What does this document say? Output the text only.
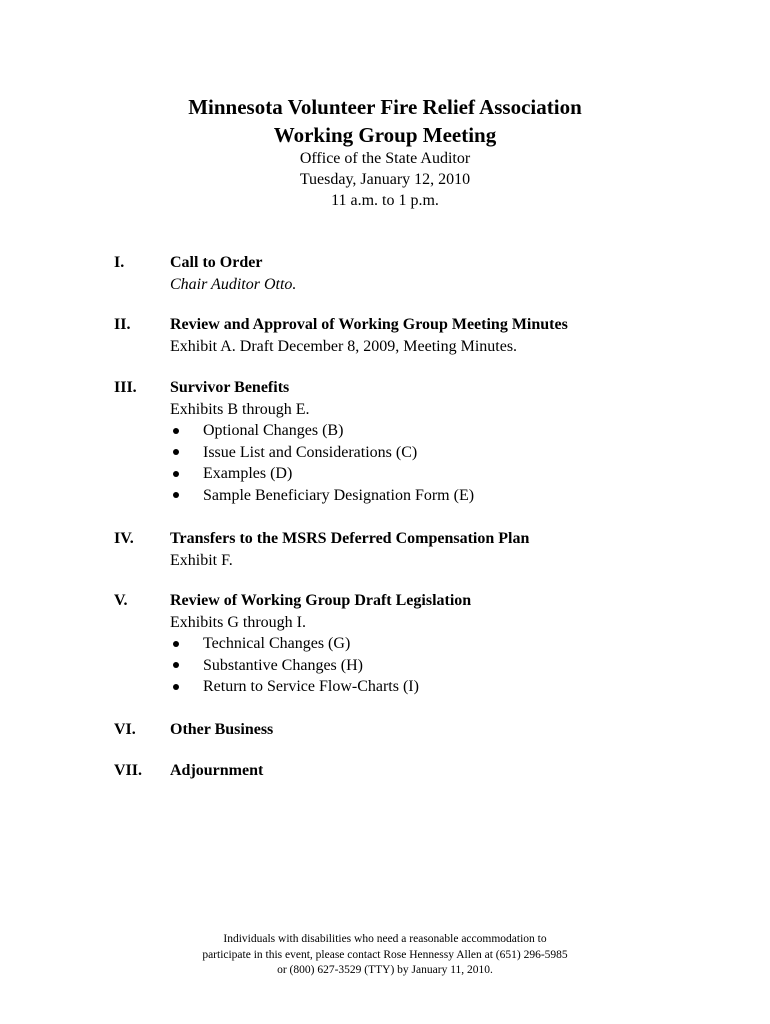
Minnesota Volunteer Fire Relief Association
Working Group Meeting
Office of the State Auditor
Tuesday, January 12, 2010
11 a.m. to 1 p.m.
I.	Call to Order
Chair Auditor Otto.
II. Review and Approval of Working Group Meeting Minutes
Exhibit A. Draft December 8, 2009, Meeting Minutes.
III. Survivor Benefits
Exhibits B through E.
Optional Changes (B)
Issue List and Considerations (C)
Examples (D)
Sample Beneficiary Designation Form (E)
IV. Transfers to the MSRS Deferred Compensation Plan
Exhibit F.
V.	Review of Working Group Draft Legislation
Exhibits G through I.
Technical Changes (G)
Substantive Changes (H)
Return to Service Flow-Charts (I)
VI. Other Business
VII. Adjournment
Individuals with disabilities who need a reasonable accommodation to
participate in this event, please contact Rose Hennessy Allen at (651) 296-5985
or (800) 627-3529 (TTY) by January 11, 2010.
